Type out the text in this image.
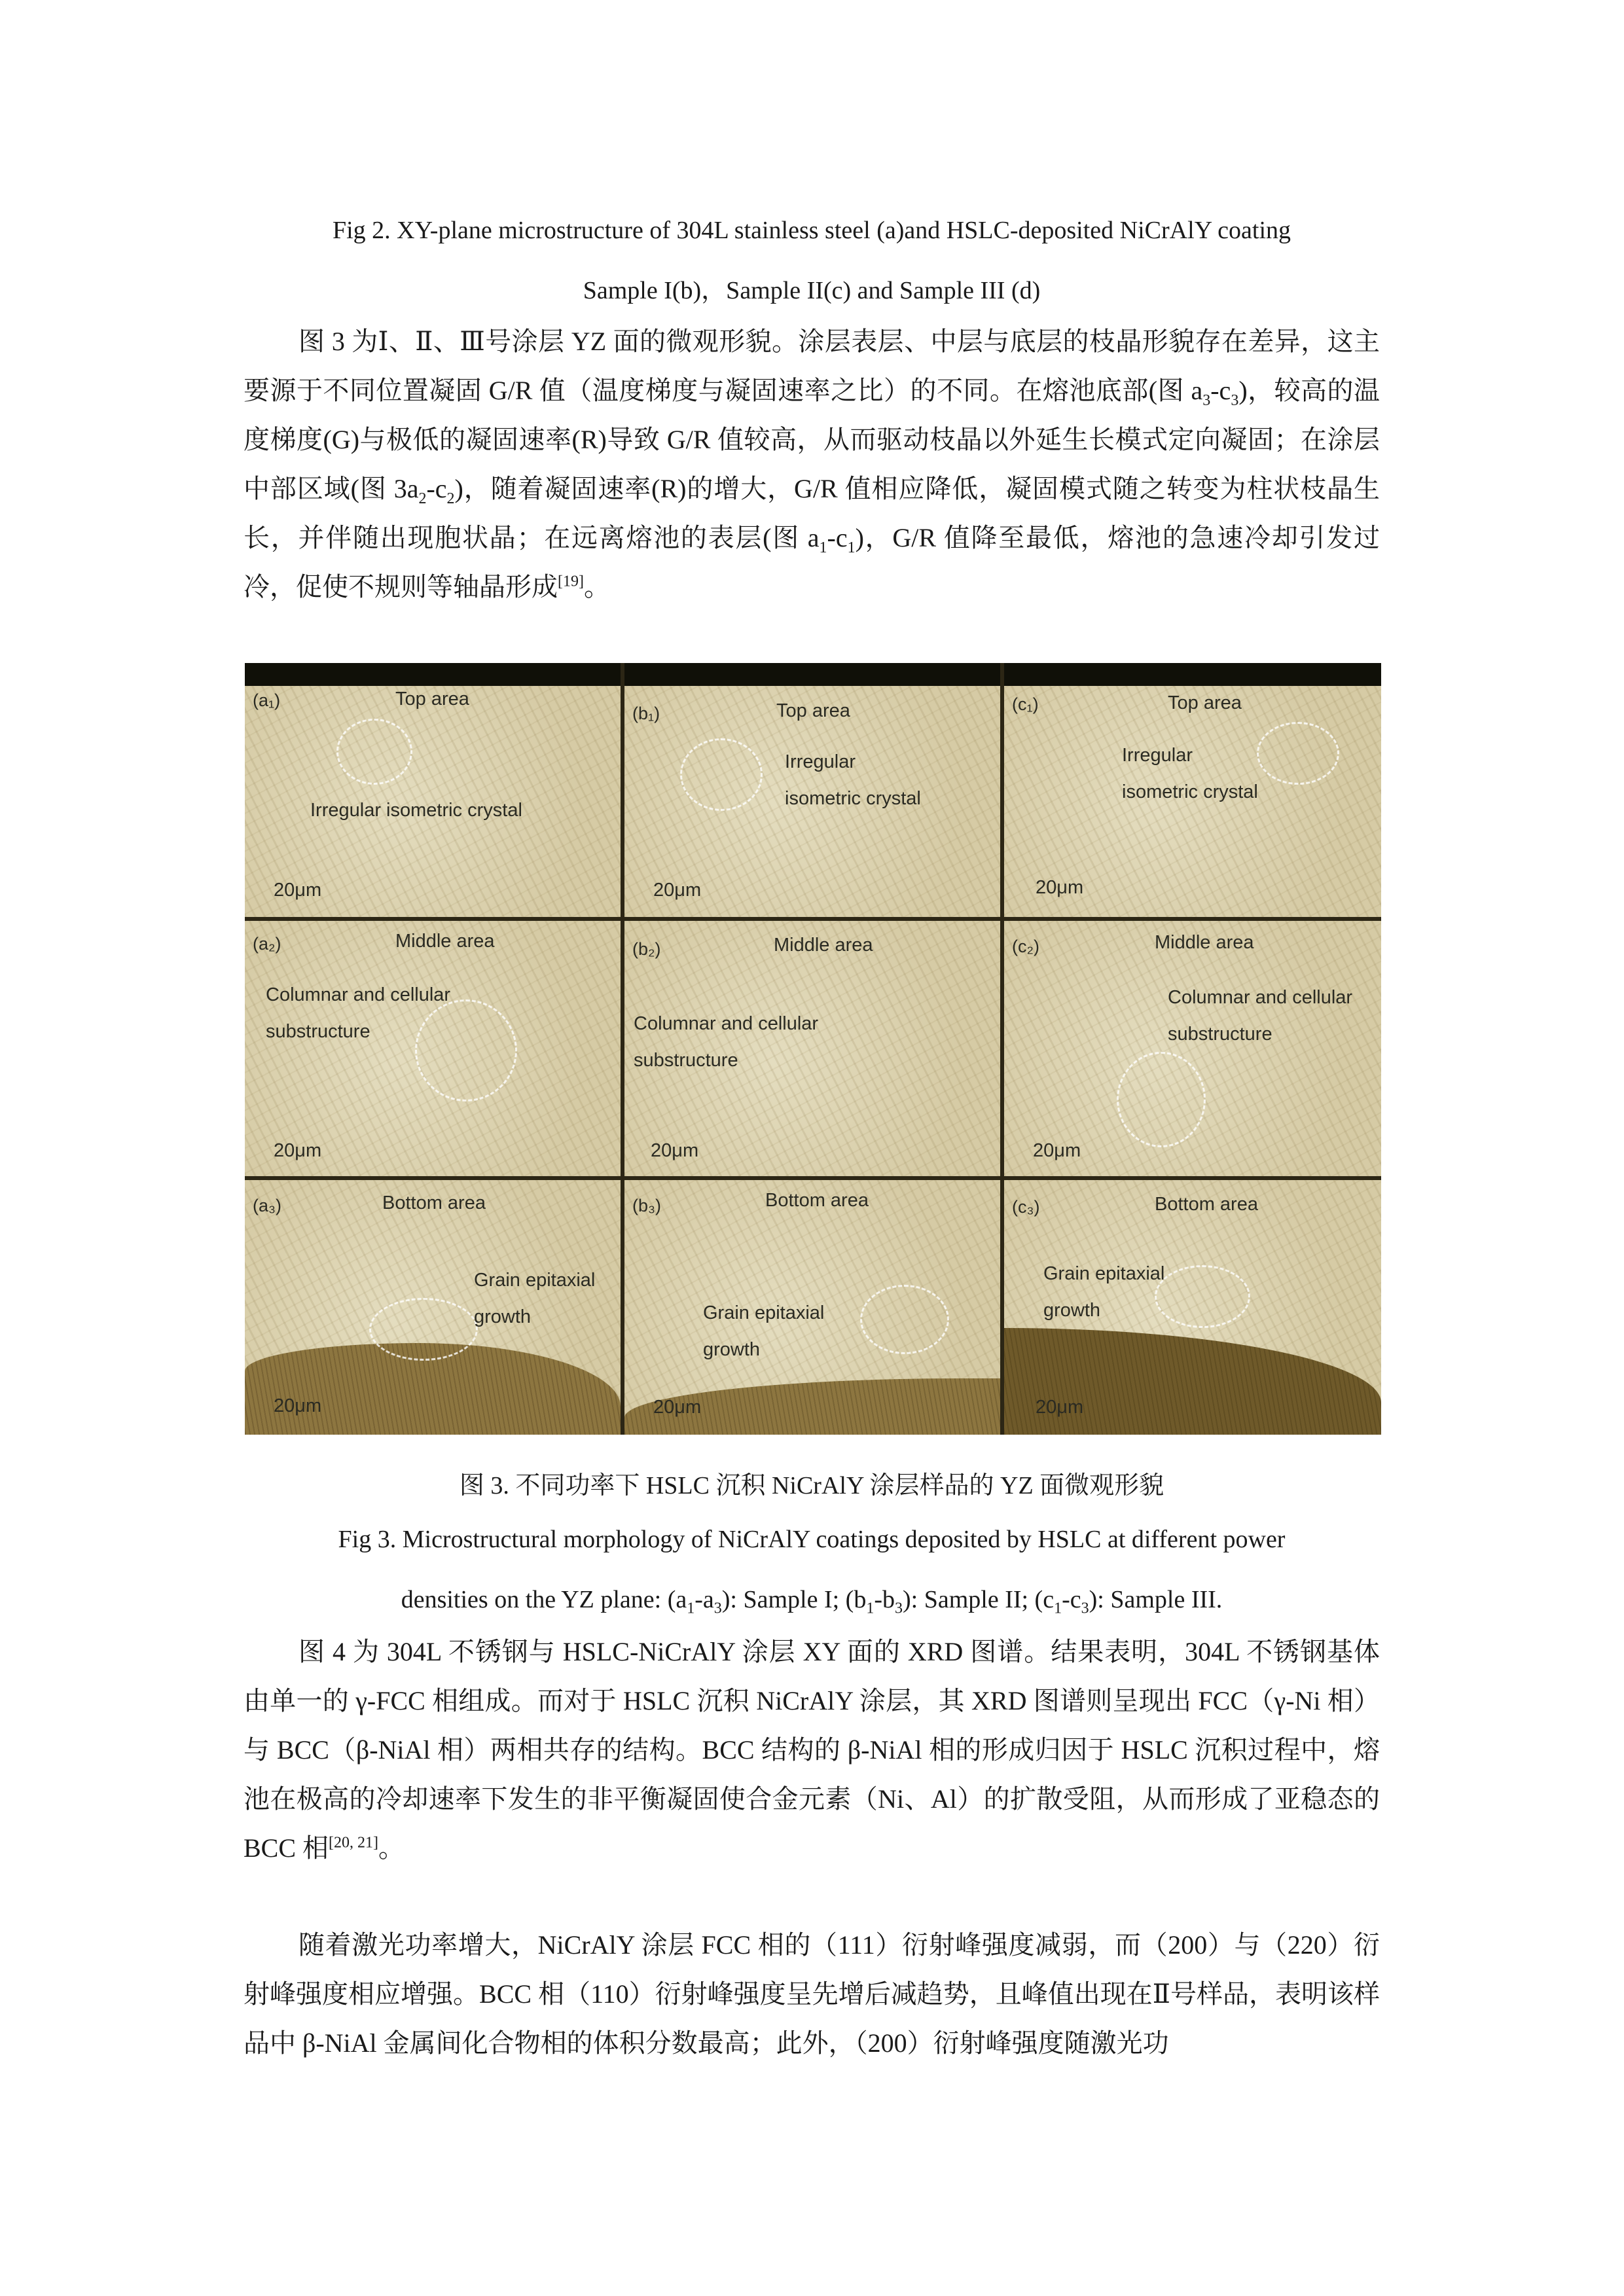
Fig 2. XY-plane microstructure of 304L stainless steel (a)and HSLC-deposited NiCrAlY coating

Sample I(b)，Sample II(c) and Sample III (d)

图 3 为Ⅰ、Ⅱ、Ⅲ号涂层 YZ 面的微观形貌。涂层表层、中层与底层的枝晶形貌存在差异，这主要源于不同位置凝固 G/R 值（温度梯度与凝固速率之比）的不同。在熔池底部(图 $a_3-c_3$)，较高的温度梯度(G)与极低的凝固速率(R)导致 G/R 值较高，从而驱动枝晶以外延生长模式定向凝固；在涂层中部区域(图 $3a_2-c_2$)，随着凝固速率(R)的增大，G/R 值相应降低，凝固模式随之转变为柱状枝晶生长，并伴随出现胞状晶；在远离熔池的表层(图 $a_1-c_1$)，G/R 值降至最低，熔池的急速冷却引发过冷，促使不规则等轴晶形成[19]。

(a₁)	Top area
Irregular isometric crystal
20μm
(b₁)	Top area
Irregular
isometric crystal
20μm
(c₁)	Top area
Irregular
isometric crystal
20μm
(a₂)	Middle area
Columnar and cellular
substructure
20μm
(b₂)	Middle area
Columnar and cellular
substructure
20μm
(c₂)	Middle area
Columnar and cellular
substructure
20μm
(a₃)	Bottom area
Grain epitaxial
growth
20μm
(b₃)	Bottom area
Grain epitaxial
growth
20μm
(c₃)	Bottom area
Grain epitaxial
growth
20μm

图 3. 不同功率下 HSLC 沉积 NiCrAlY 涂层样品的 YZ 面微观形貌

Fig 3. Microstructural morphology of NiCrAlY coatings deposited by HSLC at different power

densities on the YZ plane: $(a_1-a_3)$: Sample I; $(b_1-b_3)$: Sample II; $(c_1-c_3)$: Sample III.

图 4 为 304L 不锈钢与 HSLC-NiCrAlY 涂层 XY 面的 XRD 图谱。结果表明，304L 不锈钢基体由单一的 γ-FCC 相组成。而对于 HSLC 沉积 NiCrAlY 涂层，其 XRD 图谱则呈现出 FCC（γ-Ni 相）与 BCC（β-NiAl 相）两相共存的结构。BCC 结构的 β-NiAl 相的形成归因于 HSLC 沉积过程中，熔池在极高的冷却速率下发生的非平衡凝固使合金元素（Ni、Al）的扩散受阻，从而形成了亚稳态的 BCC 相[20, 21]。

随着激光功率增大，NiCrAlY 涂层 FCC 相的（111）衍射峰强度减弱，而（200）与（220）衍射峰强度相应增强。BCC 相（110）衍射峰强度呈先增后减趋势，且峰值出现在Ⅱ号样品，表明该样品中 β-NiAl 金属间化合物相的体积分数最高；此外，（200）衍射峰强度随激光功
